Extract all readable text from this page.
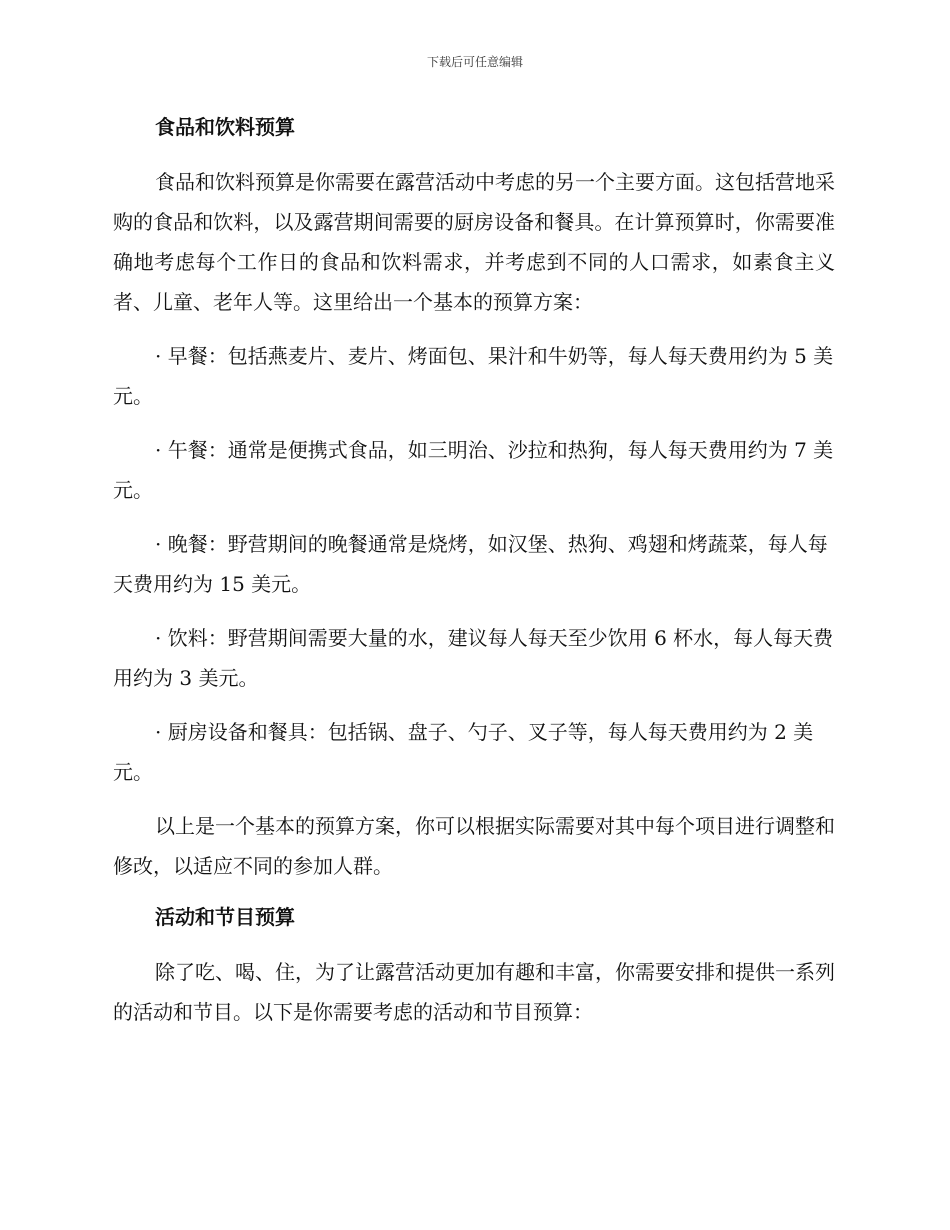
下载后可任意编辑
食品和饮料预算

食品和饮料预算是你需要在露营活动中考虑的另一个主要方面。这包括营地采购的食品和饮料，以及露营期间需要的厨房设备和餐具。在计算预算时，你需要准确地考虑每个工作日的食品和饮料需求，并考虑到不同的人口需求，如素食主义者、儿童、老年人等。这里给出一个基本的预算方案：

· 早餐：包括燕麦片、麦片、烤面包、果汁和牛奶等，每人每天费用约为 5 美元。

· 午餐：通常是便携式食品，如三明治、沙拉和热狗，每人每天费用约为 7 美元。

· 晚餐：野营期间的晚餐通常是烧烤，如汉堡、热狗、鸡翅和烤蔬菜，每人每天费用约为 15 美元。

· 饮料：野营期间需要大量的水，建议每人每天至少饮用 6 杯水，每人每天费用约为 3 美元。

· 厨房设备和餐具：包括锅、盘子、勺子、叉子等，每人每天费用约为 2 美元。

以上是一个基本的预算方案，你可以根据实际需要对其中每个项目进行调整和修改，以适应不同的参加人群。

活动和节目预算

除了吃、喝、住，为了让露营活动更加有趣和丰富，你需要安排和提供一系列的活动和节目。以下是你需要考虑的活动和节目预算：
